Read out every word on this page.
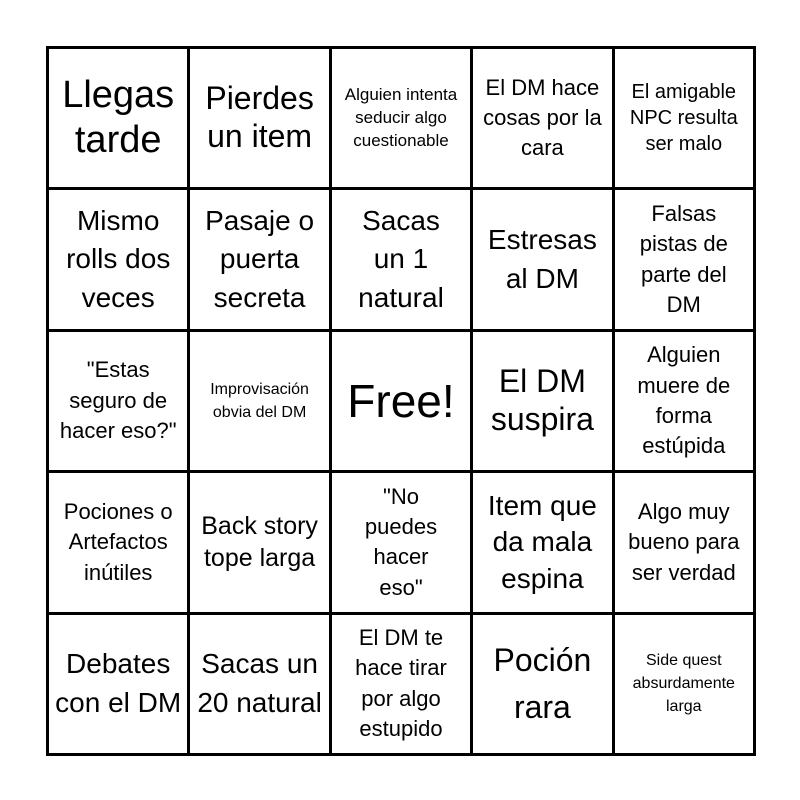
Llegas tarde
Pierdes un item
Alguien intenta seducir algo cuestionable
El DM hace cosas por la cara
El amigable NPC resulta ser malo
Mismo rolls dos veces
Pasaje o puerta secreta
Sacas un 1 natural
Estresas al DM
Falsas pistas de parte del DM
"Estas seguro de hacer eso?"
Improvisación obvia del DM Free!	El DM suspira
Alguien muere de forma estúpida
Pociones o Artefactos inútiles
Back story tope larga
"No puedes hacer eso"
Item que da mala espina
Algo muy bueno para ser verdad
Debates con el DM
Sacas un 20 natural
El DM te hace tirar por algo estupido
Poción rara
Side quest absurdamente larga
